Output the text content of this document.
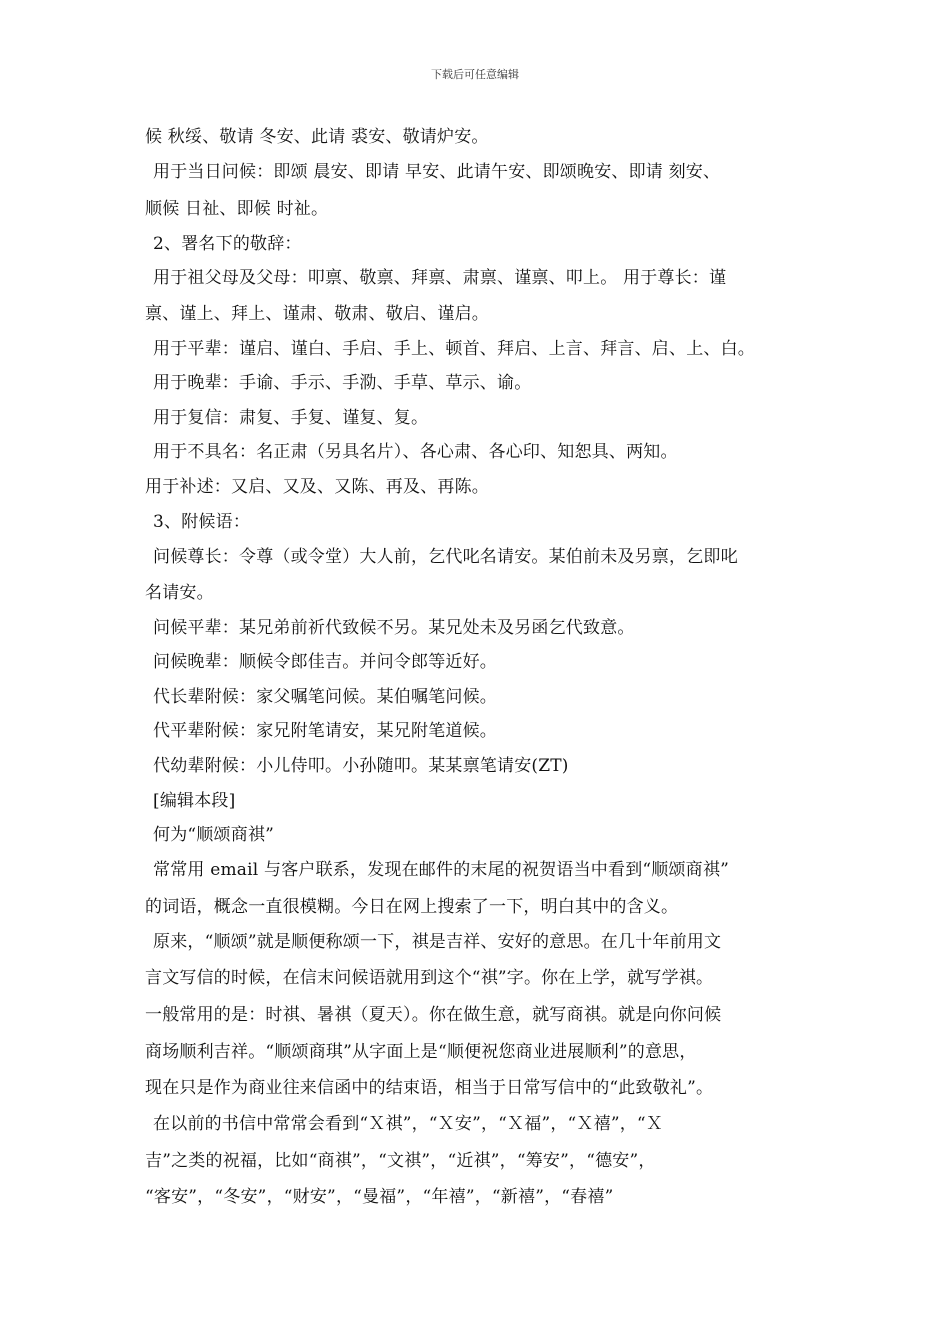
下载后可任意编辑
候 秋绥、敬请 冬安、此请 裘安、敬请炉安。
用于当日问候：即颂 晨安、即请 早安、此请午安、即颂晚安、即请 刻安、
顺候 日祉、即候 时祉。
2、署名下的敬辞：
用于祖父母及父母：叩禀、敬禀、拜禀、肃禀、谨禀、叩上。 用于尊长：谨
禀、谨上、拜上、谨肃、敬肃、敬启、谨启。
用于平辈：谨启、谨白、手启、手上、顿首、拜启、上言、拜言、启、上、白。
用于晚辈：手谕、手示、手泐、手草、草示、谕。
用于复信：肃复、手复、谨复、复。
用于不具名：名正肃（另具名片）、各心肃、各心印、知恕具、两知。
用于补述：又启、又及、又陈、再及、再陈。
3、附候语：
问候尊长：令尊（或令堂）大人前，乞代叱名请安。某伯前未及另禀，乞即叱
名请安。
问候平辈：某兄弟前祈代致候不另。某兄处未及另函乞代致意。
问候晚辈：顺候令郎佳吉。并问令郎等近好。
代长辈附候：家父嘱笔问候。某伯嘱笔问候。
代平辈附候：家兄附笔请安，某兄附笔道候。
代幼辈附候：小儿侍叩。小孙随叩。某某禀笔请安(ZT)
[编辑本段]
何为“顺颂商祺”
常常用 email 与客户联系，发现在邮件的末尾的祝贺语当中看到“顺颂商祺”
的词语，概念一直很模糊。今日在网上搜索了一下，明白其中的含义。
原来，“顺颂”就是顺便称颂一下，祺是吉祥、安好的意思。在几十年前用文
言文写信的时候，在信末问候语就用到这个“祺”字。你在上学，就写学祺。
一般常用的是：时祺、暑祺（夏天）。你在做生意，就写商祺。就是向你问候
商场顺利吉祥。“顺颂商琪”从字面上是“顺便祝您商业进展顺利”的意思，
现在只是作为商业往来信函中的结束语，相当于日常写信中的“此致敬礼”。
在以前的书信中常常会看到“Ｘ祺”，“Ｘ安”，“Ｘ福”，“Ｘ禧”，“Ｘ
吉”之类的祝福，比如“商祺”，“文祺”，“近祺”，“筹安”，“德安”，
“客安”，“冬安”，“财安”，“曼福”，“年禧”，“新禧”，“春禧”
